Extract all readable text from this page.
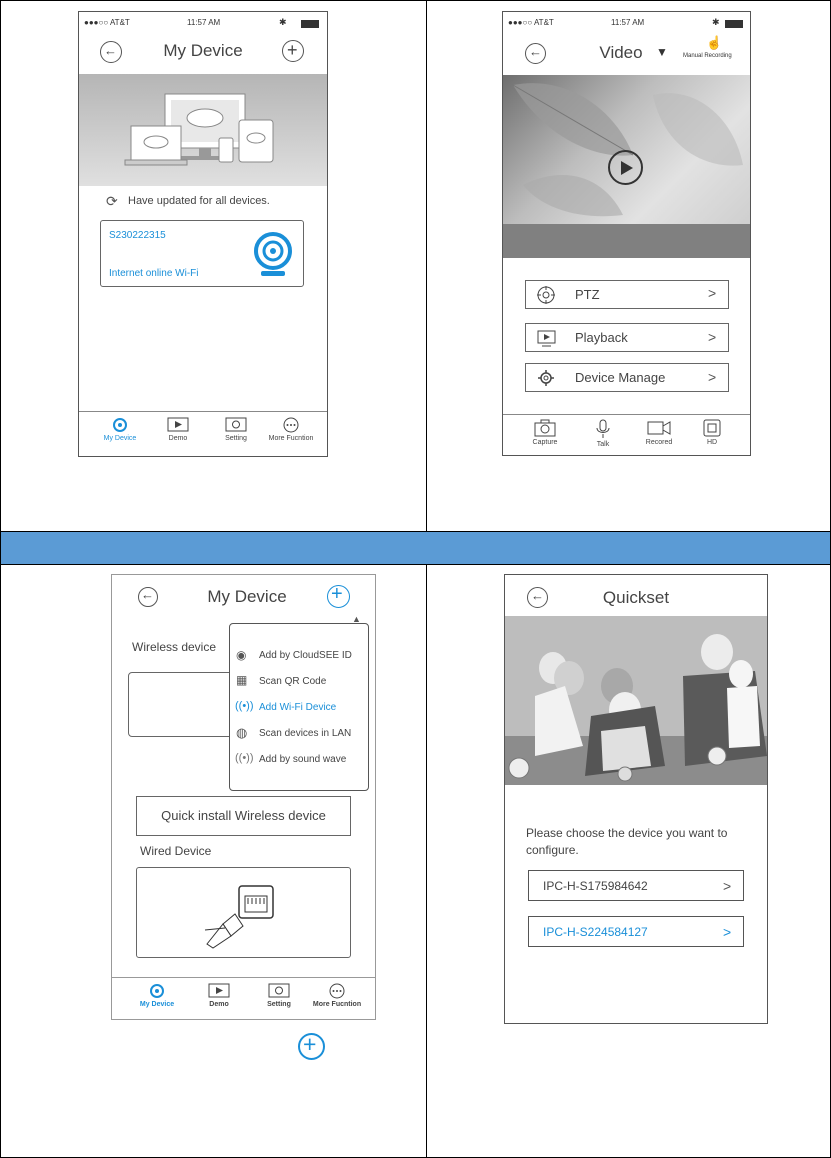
●●●○○ AT&T	11:57 AM	✱
←	My Device	+
⟳ Have updated for all devices.
S230222315
Internet online Wi-Fi
My Device	Demo	Setting	More Fucntion
●●●○○ AT&T	11:57 AM	✱
←	Video	▼
☝
Manual Recording
PTZ	>
Playback	>
Device Manage	>
Capture	Talk	Recored	HD
←	My Device	+
Wireless device
▲
◉ Add by CloudSEE ID
▦ Scan QR Code
((•)) Add Wi-Fi Device
◍ Scan devices in LAN
((•)) Add by sound wave
Quick install Wireless device
Wired Device
My Device	Demo	Setting	More Fucntion
+
←	Quickset
Please choose the device you want to configure.
IPC-H-S175984642	>
IPC-H-S224584127	>
